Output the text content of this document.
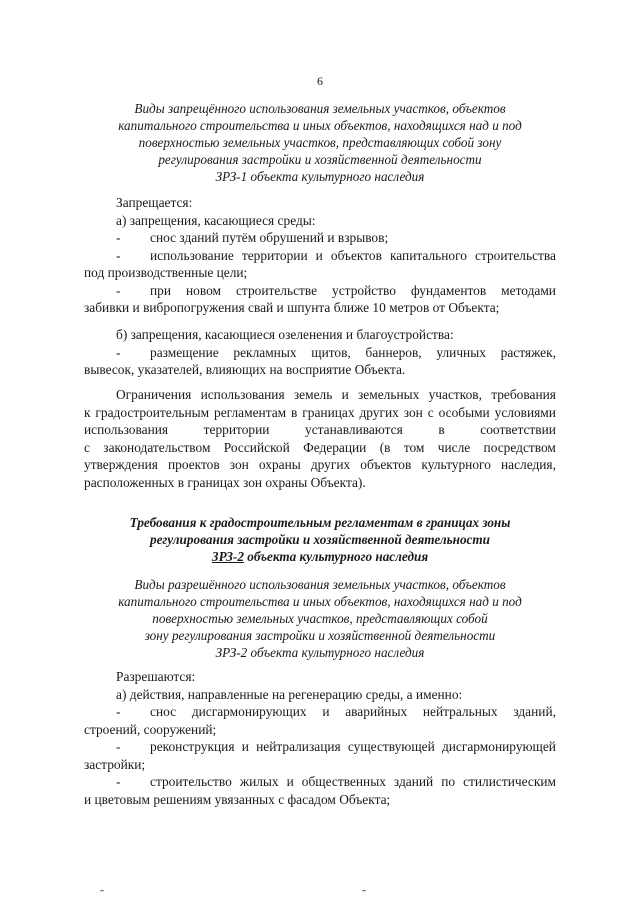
6
Виды запрещённого использования земельных участков, объектов
капитального строительства и иных объектов, находящихся над и под
поверхностью земельных участков, представляющих собой зону
регулирования застройки и хозяйственной деятельности
ЗРЗ-1 объекта культурного наследия
Запрещается:
а) запрещения, касающиеся среды:
-	снос зданий путём обрушений и взрывов;
-	использование территории и объектов капитального строительства
под производственные цели;
-	при новом строительстве устройство фундаментов методами
забивки и вибропогружения свай и шпунта ближе 10 метров от Объекта;
б) запрещения, касающиеся озеленения и благоустройства:
-	размещение рекламных щитов, баннеров, уличных растяжек,
вывесок, указателей, влияющих на восприятие Объекта.
Ограничения использования земель и земельных участков, требования
к градостроительным регламентам в границах других зон с особыми условиями
использования	территории	устанавливаются	в	соответствии
с законодательством Российской Федерации (в том числе посредством
утверждения проектов зон охраны других объектов культурного наследия,
расположенных в границах зон охраны Объекта).
Требования к градостроительным регламентам в границах зоны
регулирования застройки и хозяйственной деятельности
ЗРЗ-2 объекта культурного наследия
Виды разрешённого использования земельных участков, объектов
капитального строительства и иных объектов, находящихся над и под
поверхностью земельных участков, представляющих собой
зону регулирования застройки и хозяйственной деятельности
ЗРЗ-2 объекта культурного наследия
Разрешаются:
а) действия, направленные на регенерацию среды, а именно:
-	снос дисгармонирующих и аварийных нейтральных зданий,
строений, сооружений;
-	реконструкция и нейтрализация существующей дисгармонирующей
застройки;
-	строительство жилых и общественных зданий по стилистическим
и цветовым решениям увязанных с фасадом Объекта;
